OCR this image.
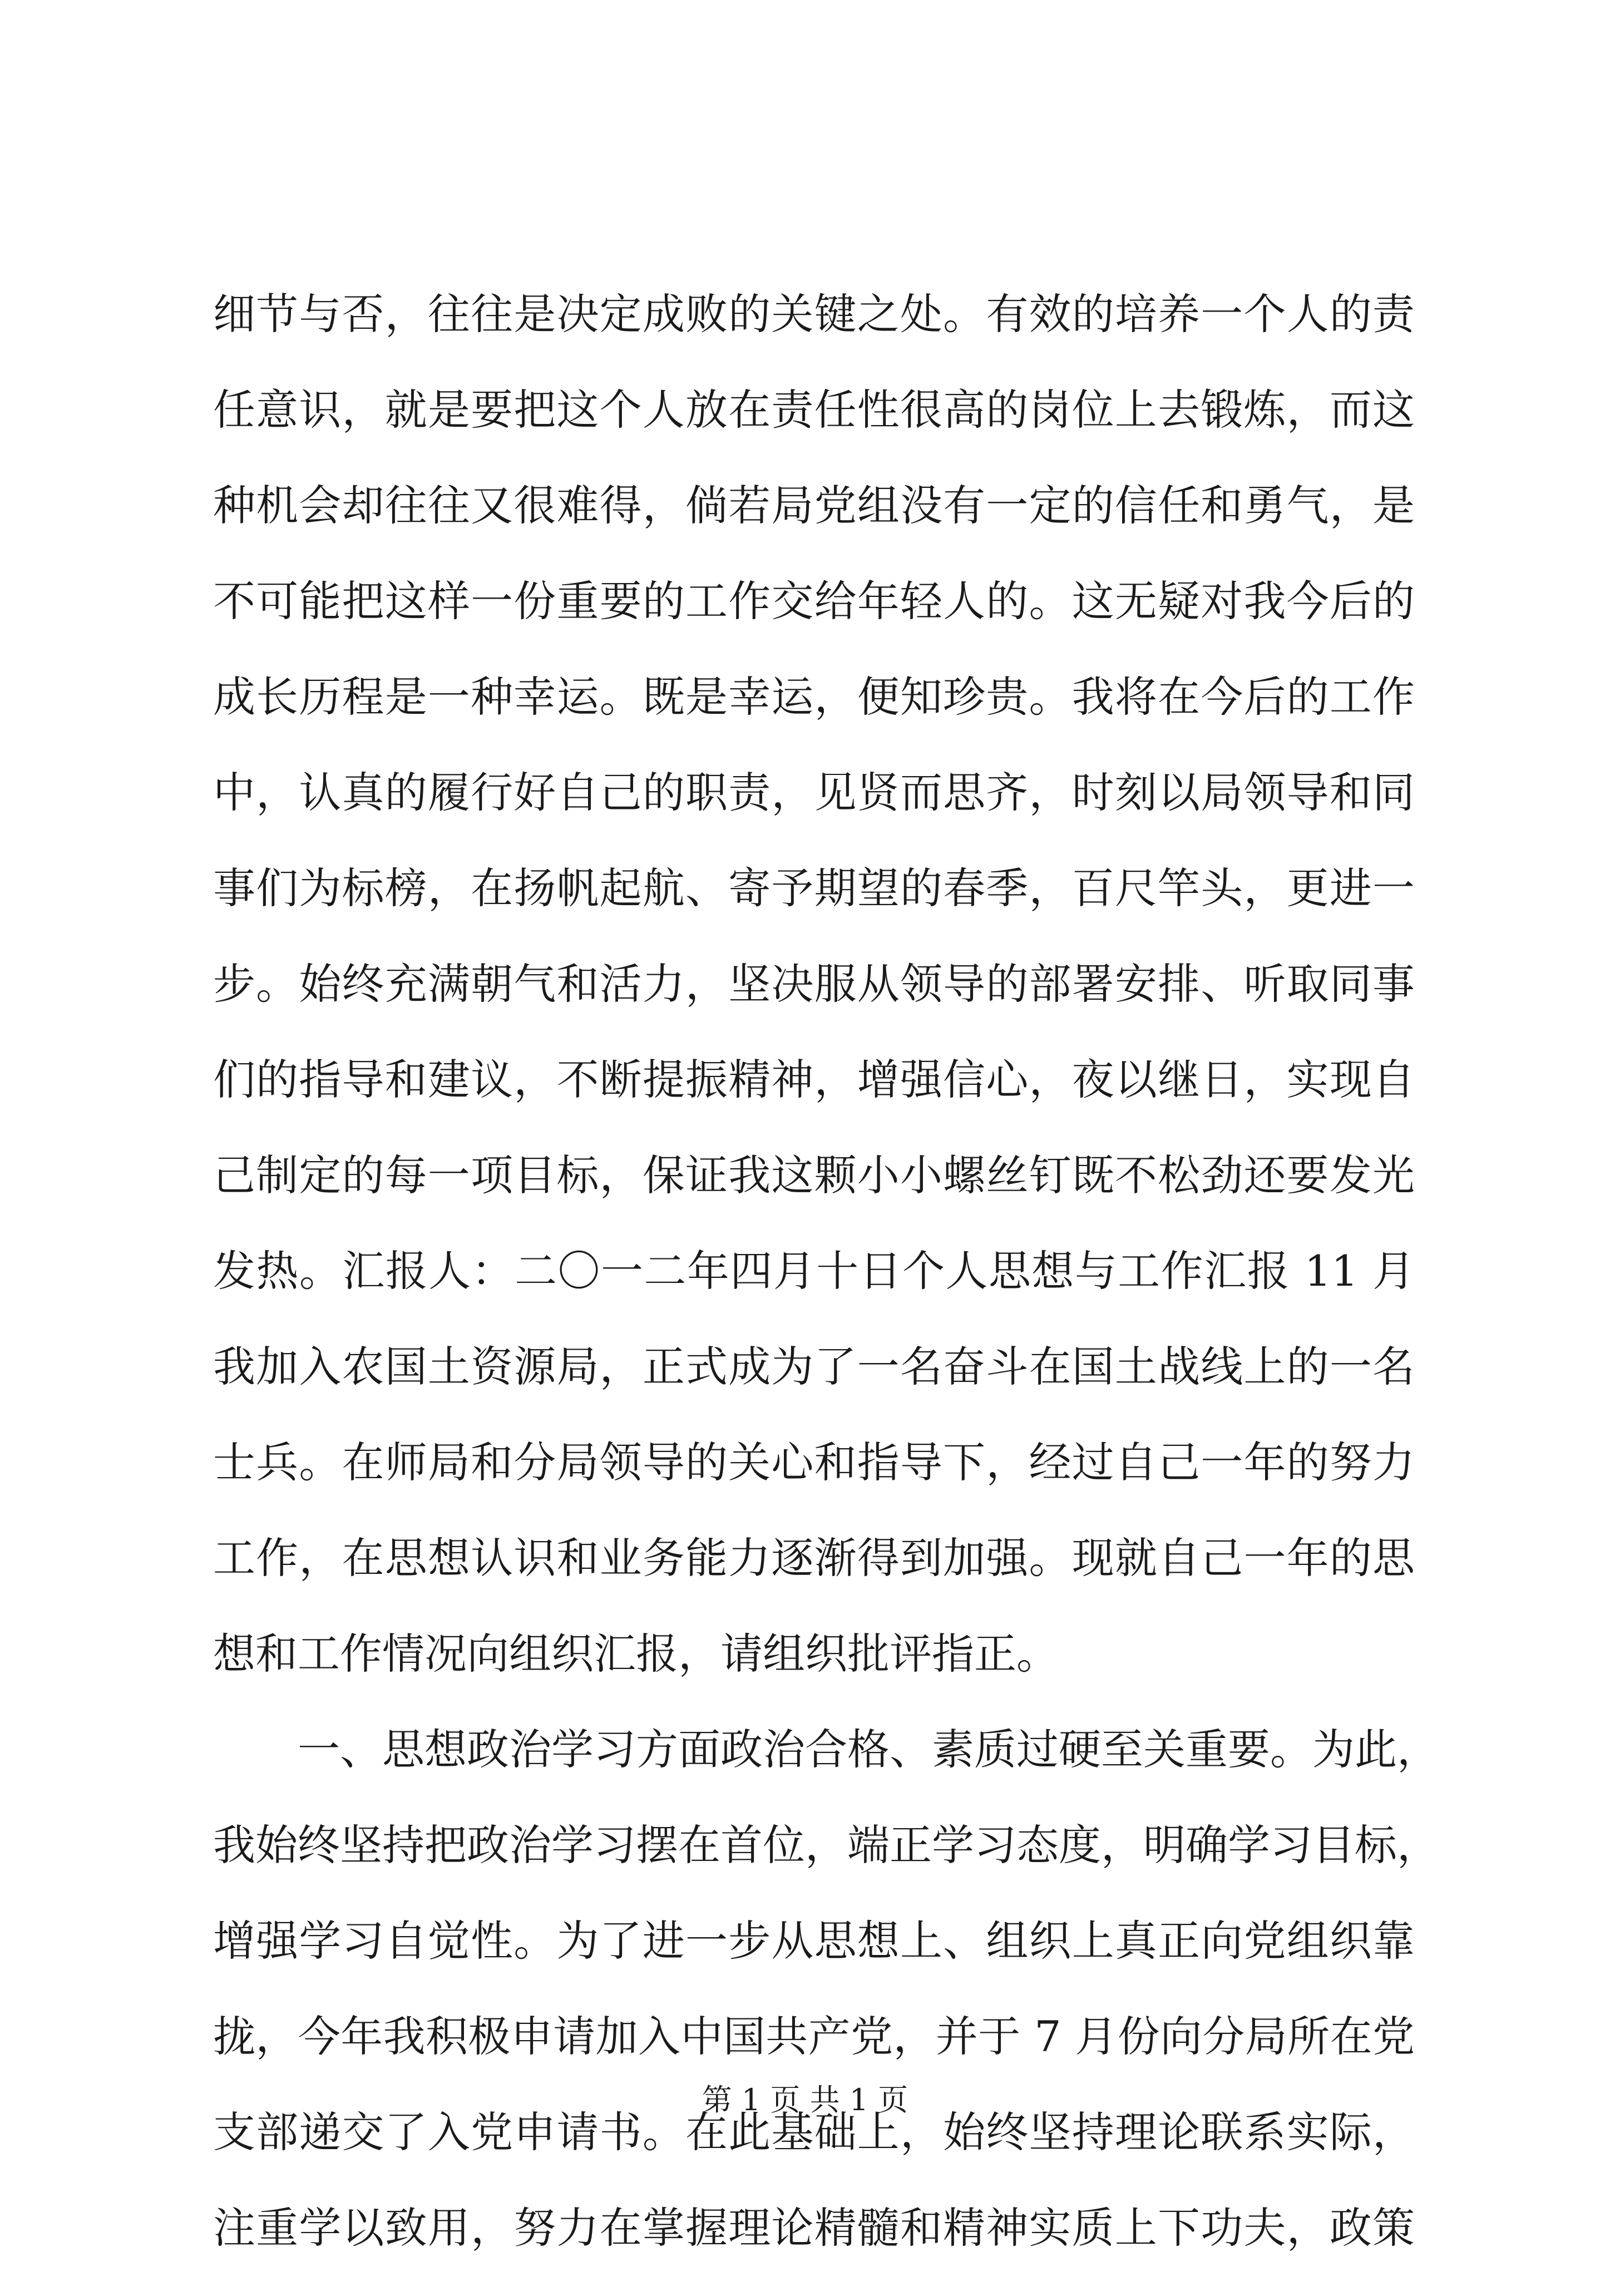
细节与否，往往是决定成败的关键之处。有效的培养一个人的责
任意识，就是要把这个人放在责任性很高的岗位上去锻炼，而这
种机会却往往又很难得，倘若局党组没有一定的信任和勇气，是
不可能把这样一份重要的工作交给年轻人的。这无疑对我今后的
成长历程是一种幸运。既是幸运，便知珍贵。我将在今后的工作
中，认真的履行好自己的职责，见贤而思齐，时刻以局领导和同
事们为标榜，在扬帆起航、寄予期望的春季，百尺竿头，更进一
步。始终充满朝气和活力，坚决服从领导的部署安排、听取同事
们的指导和建议，不断提振精神，增强信心，夜以继日，实现自
己制定的每一项目标，保证我这颗小小螺丝钉既不松劲还要发光
发热。汇报人：二〇一二年四月十日个人思想与工作汇报 11 月
我加入农国土资源局，正式成为了一名奋斗在国土战线上的一名
士兵。在师局和分局领导的关心和指导下，经过自己一年的努力
工作，在思想认识和业务能力逐渐得到加强。现就自己一年的思
想和工作情况向组织汇报，请组织批评指正。
　　一、思想政治学习方面政治合格、素质过硬至关重要。为此，
我始终坚持把政治学习摆在首位，端正学习态度，明确学习目标，
增强学习自觉性。为了进一步从思想上、组织上真正向党组织靠
拢，今年我积极申请加入中国共产党，并于 7 月份向分局所在党
支部递交了入党申请书。在此基础上，始终坚持理论联系实际，
注重学以致用，努力在掌握理论精髓和精神实质上下功夫，政策
第 1 页 共 1 页
